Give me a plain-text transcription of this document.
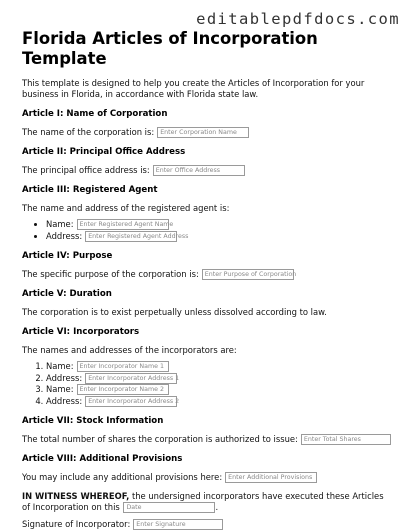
editablepdfdocs.com
Florida Articles of Incorporation Template

This template is designed to help you create the Articles of Incorporation for your business in Florida, in accordance with Florida state law.

Article I: Name of Corporation
The name of the corporation is: Enter Corporation Name
Article II: Principal Office Address
The principal office address is: Enter Office Address
Article III: Registered Agent
The name and address of the registered agent is:
• Name: Enter Registered Agent Name
• Address: Enter Registered Agent Address
Article IV: Purpose
The specific purpose of the corporation is: Enter Purpose of Corporation
Article V: Duration
The corporation is to exist perpetually unless dissolved according to law.
Article VI: Incorporators
The names and addresses of the incorporators are:
1. Name: Enter Incorporator Name 1
2. Address: Enter Incorporator Address 1
3. Name: Enter Incorporator Name 2
4. Address: Enter Incorporator Address 2
Article VII: Stock Information
The total number of shares the corporation is authorized to issue: Enter Total Shares
Article VIII: Additional Provisions
You may include any additional provisions here: Enter Additional Provisions
IN WITNESS WHEREOF, the undersigned incorporators have executed these Articles of Incorporation on this Date	.
Signature of Incorporator: Enter Signature
